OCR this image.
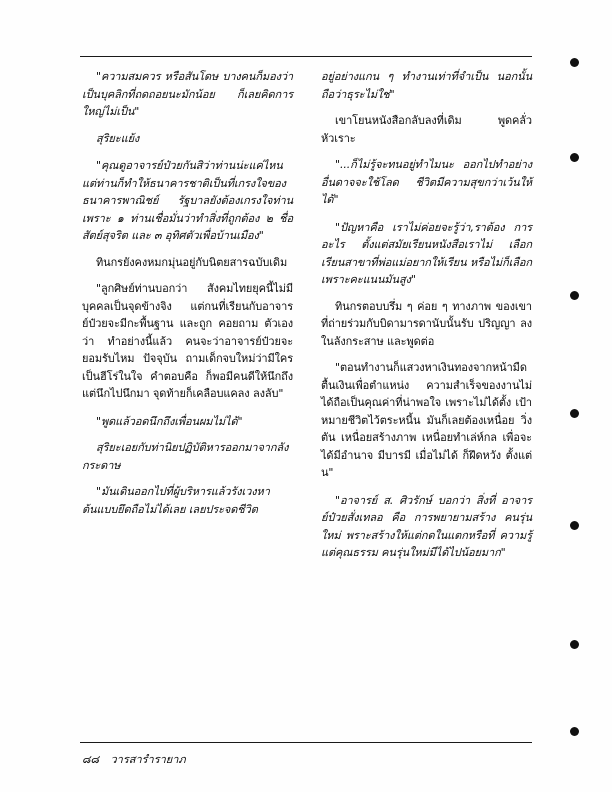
"ความสมควร หรือสันโดษ บางคนก็มองว่าเป็นบุคลิกที่ถดถอยนะมักน้อย ก็เลยคิดการใหญ่ไม่เป็น"

สุริยะแย้ง

"คุณดูอาจารย์ป๋วยกันสิว่าท่านน่ะแค่ไหน แต่ท่านก็ทำให้ธนาคารชาติเป็นที่เกรงใจของธนาคารพาณิชย์ รัฐบาลยังต้องเกรงใจท่านเพราะ ๑ ท่านเชื่อมั่นว่าทำสิ่งที่ถูกต้อง ๒ ชื่อสัตย์สุจริต และ ๓ อุทิศตัวเพื่อบ้านเมือง"

ทินกรยังคงหมกมุ่นอยู่กับนิตยสารฉบับเดิม

"ลูกศิษย์ท่านบอกว่า สังคมไทยยุคนี้ไม่มีบุคคลเป็นจุดข้างจิง แต่กนที่เรียนกับอาจารย์ป๋วยจะมีกะพื้นฐาน และถูก คอยถาม ตัวเองว่า ทำอย่างนี้แล้ว คนจะว่าอาจารย์ป๋วยจะยอมรับไหม ปัจจุบัน ถามเด็กจบใหม่ว่ามีใครเป็นฮีโร่ในใจ คำตอบคือ ก็พอมีคนดีให้นึกถึง แต่นึกไปนึกมา จุดท้ายก็เคลือบแคลง ลงลับ"

"พูดแล้วอดนึกถึงเพื่อนผมไม่ได้"

สุริยะเอยกับท่านิยปฏิบัติหารออกมาจากลังกระดาษ

"มันเดินออกไปที่ผู้บริหารแล้วรังเวงหาต้นแบบยึดถือไม่ได้เลย เลยประจดชีวิต

อยู่อย่างแกน ๆ ทำงานเท่าที่จำเป็น นอกนั้นถือว่าธุระไม่ใช่"

เขาโยนหนังสือกลับลงที่เดิม พูดคลั่วหัวเราะ

"...ก็ไม่รู้จะทนอยู่ทำไมนะ ออกไปทำอย่างอื่นดาจจะใช้โลด ชีวิตมีความสุขกว่าเว้นให้ได้"

"ปัญหาคือ เราไม่ค่อยจะรู้ว่า,ราต้อง การอะไร ตั้งแต่สมัยเรียนหนังสือเราไม่ เลือก เรียนสาขาที่พ่อแม่อยากให้เรียน หรือไม่ก็เลือกเพราะคะแนนมันสูง"

ทินกรตอบบรึ่ม ๆ ค่อย ๆ ทางภาพ ของเขาที่ถ่ายร่วมกับบิดามารดานับนั้นรับ ปริญญา ลงในลังกระสาษ และพูดต่อ

"ตอนทำงานก็แสวงหาเงินทองจากหน้ามืด ตื้นเงินเพื่อตำแหน่ง ความสำเร็จของงานไม่ ได้ถือเป็นคุณค่าที่น่าพอใจ เพราะไม่ได้ตั้ง เป้าหมายชีวิตไว้ตระหนี้น มันก็เลยต้องเหนื่อย วิ่งตัน เหนื่อยสร้างภาพ เหนื่อยทำเล่ห์กล เพื่อจะได้มีอำนาจ มีบารมี เมื่อไม่ได้ ก็ฝึดหวัง ตั้งแต่น"

"อาจารย์ ส. ศิวรักษ์ บอกว่า สิ่งที่ อาจารย์ป๋วยสั่งเทลอ คือ การพยายามสร้าง คนรุ่นใหม่ พราะสร้างให้แต่กดในแตกหรือที่ ความรู้ แต่คุณธรรม คนรุ่นใหม่มีได้ไปน้อยมาก"

๘๘ วารสารำรายาภ
